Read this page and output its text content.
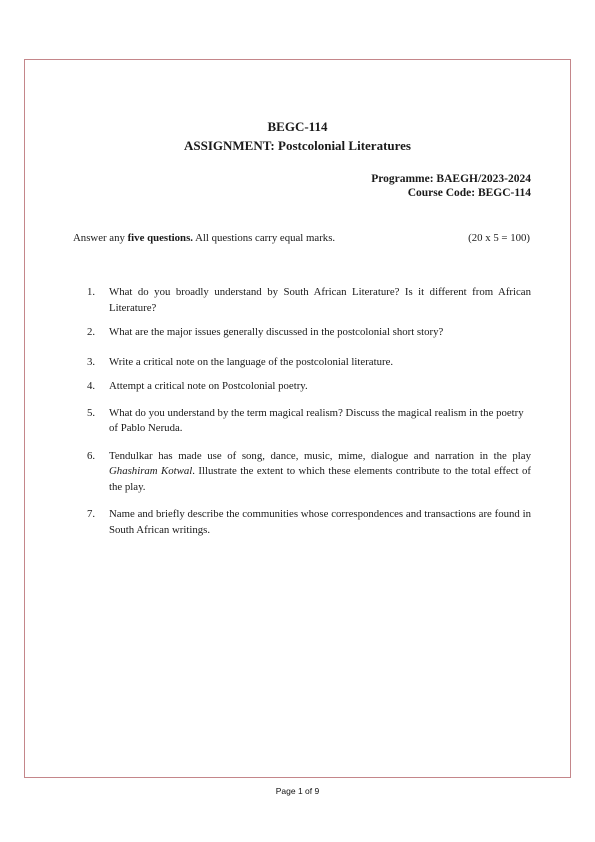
BEGC-114
ASSIGNMENT: Postcolonial Literatures
Programme: BAEGH/2023-2024
Course Code: BEGC-114
Answer any five questions. All questions carry equal marks.	(20 x 5 = 100)
1. What do you broadly understand by South African Literature? Is it different from African Literature?
2. What are the major issues generally discussed in the postcolonial short story?
3. Write a critical note on the language of the postcolonial literature.
4. Attempt a critical note on Postcolonial poetry.
5. What do you understand by the term magical realism? Discuss the magical realism in the poetry of Pablo Neruda.
6. Tendulkar has made use of song, dance, music, mime, dialogue and narration in the play Ghashiram Kotwal. Illustrate the extent to which these elements contribute to the total effect of the play.
7. Name and briefly describe the communities whose correspondences and transactions are found in South African writings.
Page 1 of 9
